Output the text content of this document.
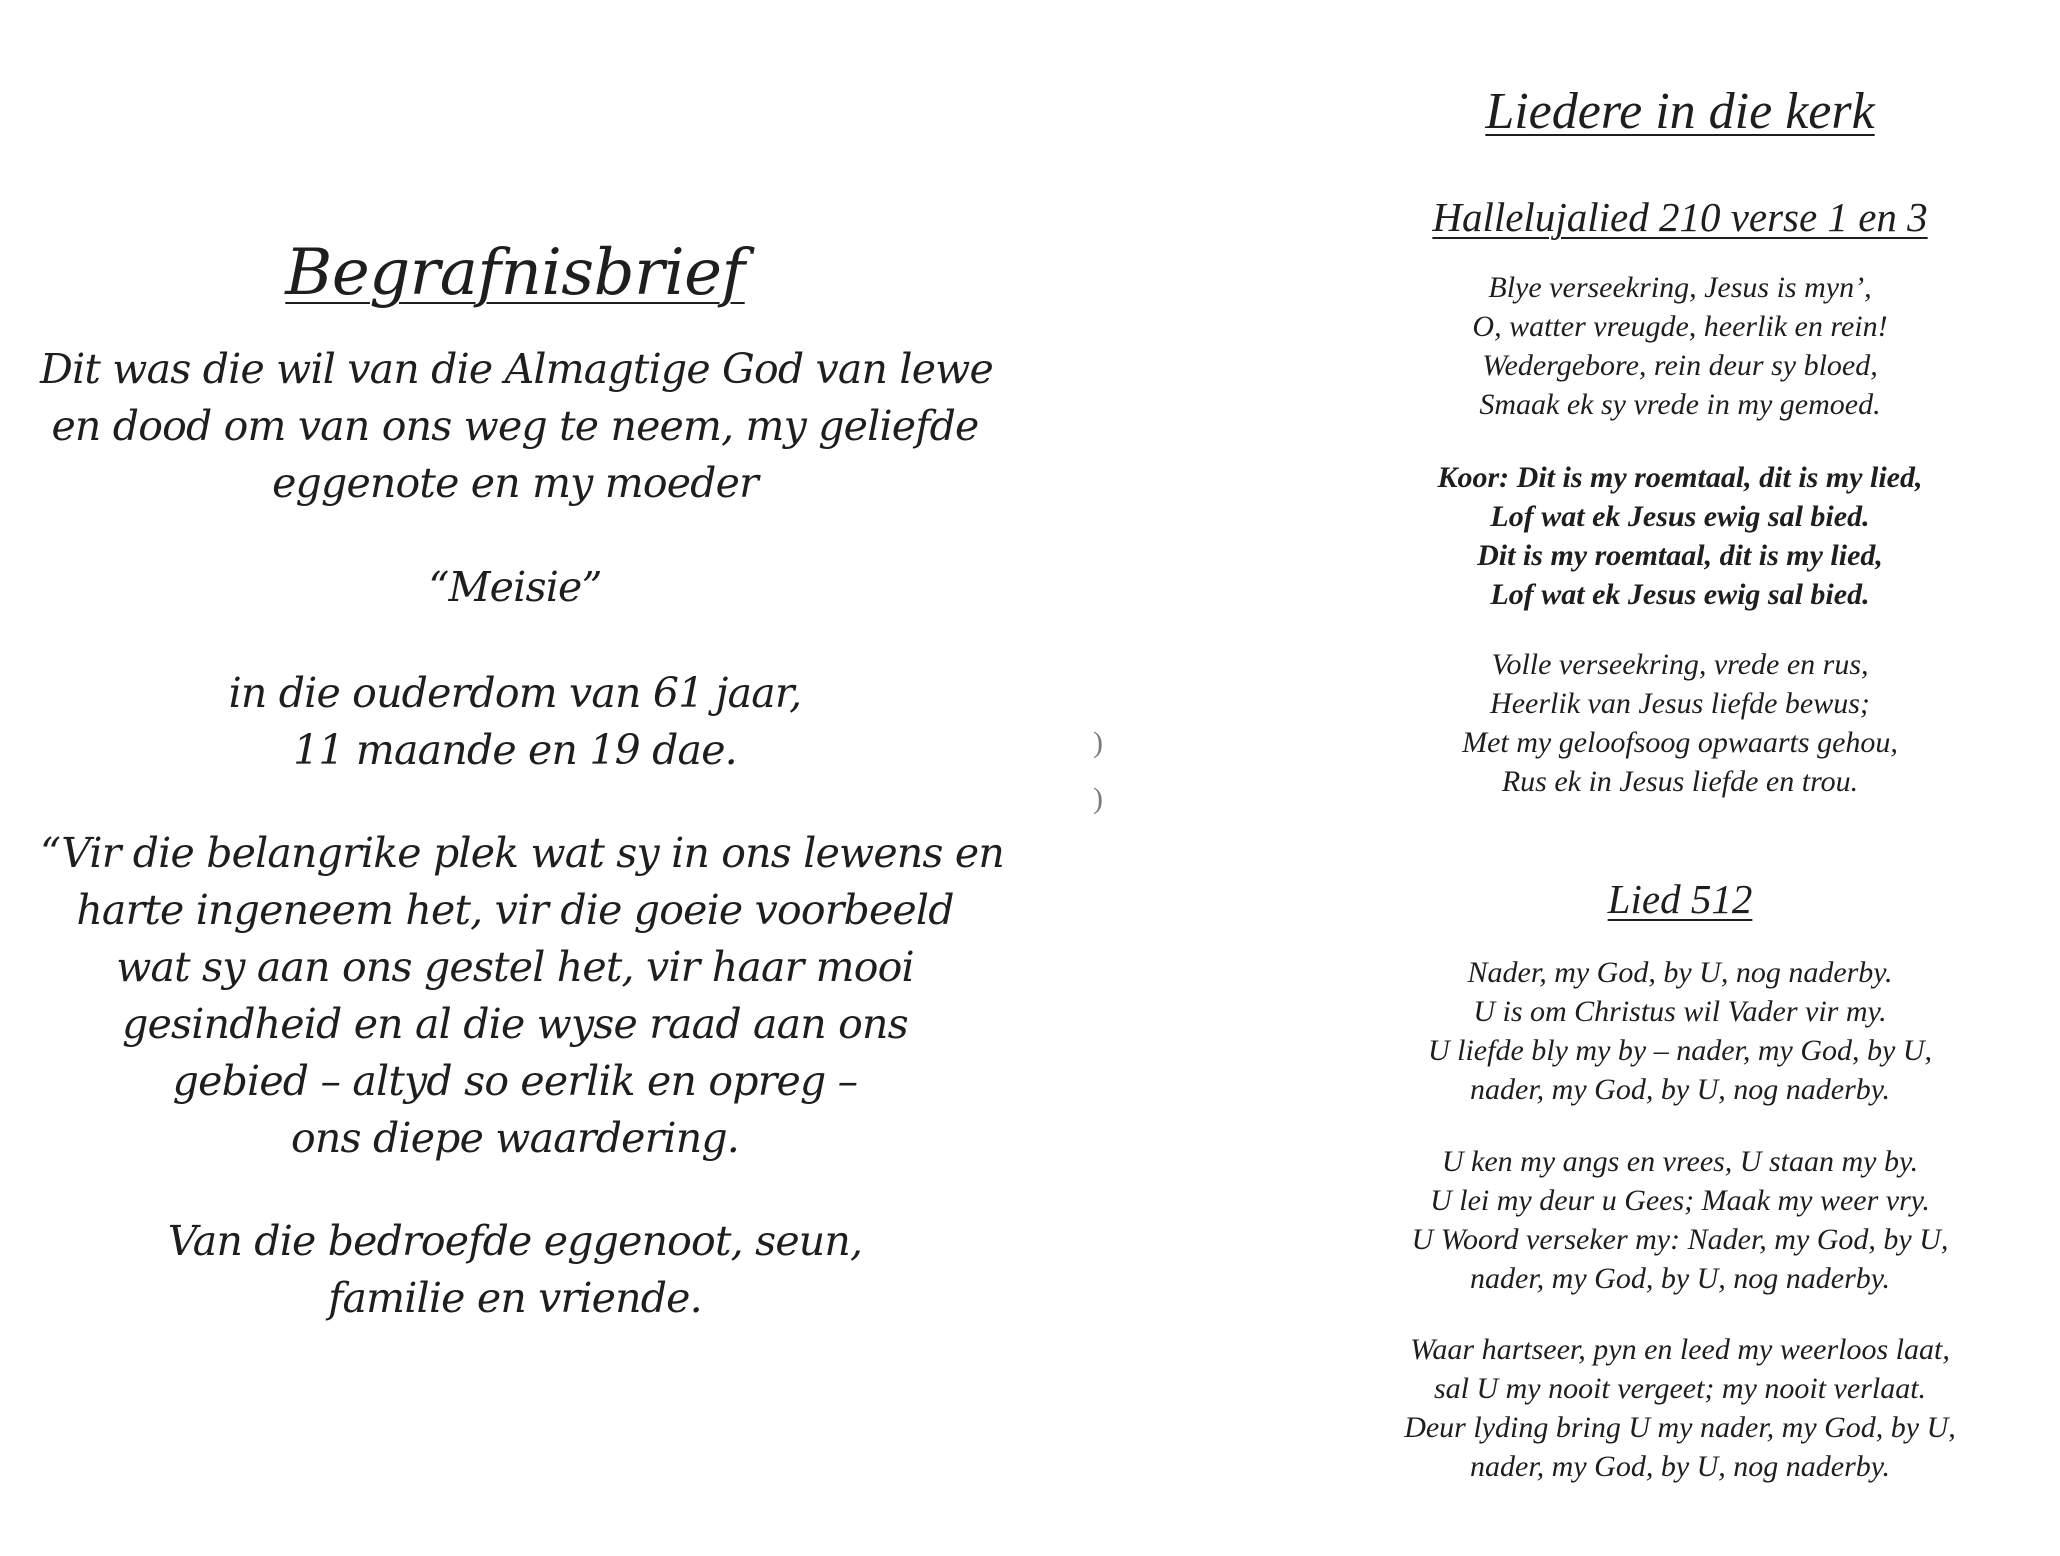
Begrafnisbrief
Dit was die wil van die Almagtige God van lewe
en dood om van ons weg te neem, my geliefde
eggenote en my moeder
“Meisie”
in die ouderdom van 61 jaar,
11 maande en 19 dae.
“Vir die belangrike plek wat sy in ons lewens en
harte ingeneem het, vir die goeie voorbeeld
wat sy aan ons gestel het, vir haar mooi
gesindheid en al die wyse raad aan ons
gebied – altyd so eerlik en opreg –
ons diepe waardering.
Van die bedroefde eggenoot, seun,
familie en vriende.
)
)
Liedere in die kerk
Hallelujalied 210 verse 1 en 3
Blye verseekring, Jesus is myn’,
O, watter vreugde, heerlik en rein!
Wedergebore, rein deur sy bloed,
Smaak ek sy vrede in my gemoed.
Koor: Dit is my roemtaal, dit is my lied,
Lof wat ek Jesus ewig sal bied.
Dit is my roemtaal, dit is my lied,
Lof wat ek Jesus ewig sal bied.
Volle verseekring, vrede en rus,
Heerlik van Jesus liefde bewus;
Met my geloofsoog opwaarts gehou,
Rus ek in Jesus liefde en trou.
Lied 512
Nader, my God, by U, nog naderby.
U is om Christus wil Vader vir my.
U liefde bly my by – nader, my God, by U,
nader, my God, by U, nog naderby.
U ken my angs en vrees, U staan my by.
U lei my deur u Gees; Maak my weer vry.
U Woord verseker my: Nader, my God, by U,
nader, my God, by U, nog naderby.
Waar hartseer, pyn en leed my weerloos laat,
sal U my nooit vergeet; my nooit verlaat.
Deur lyding bring U my nader, my God, by U,
nader, my God, by U, nog naderby.
